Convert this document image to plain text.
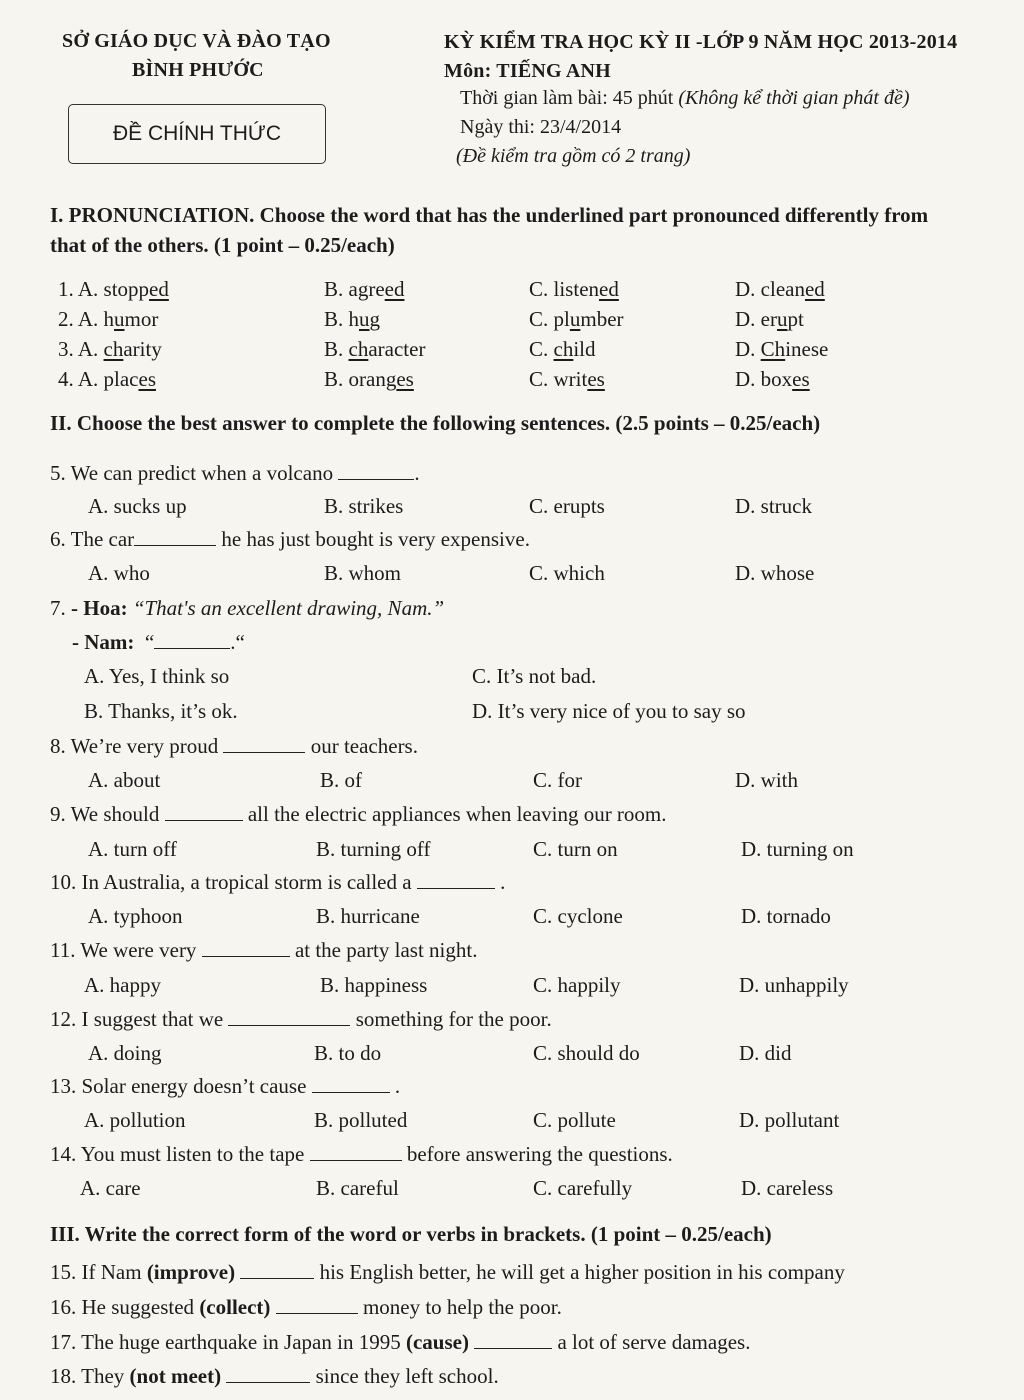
SỞ GIÁO DỤC VÀ ĐÀO TẠO
BÌNH PHƯỚC
ĐỀ CHÍNH THỨC
KỲ KIỂM TRA HỌC KỲ II -LỚP 9 NĂM HỌC 2013-2014
Môn: TIẾNG ANH
Thời gian làm bài: 45 phút (Không kể thời gian phát đề)
Ngày thi: 23/4/2014
(Đề kiểm tra gồm có 2 trang)
I. PRONUNCIATION. Choose the word that has the underlined part pronounced differently from
that of the others. (1 point – 0.25/each)
1. A. stopped	B. agreed	C. listened	D. cleaned
2. A. humor	B. hug	C. plumber	D. erupt
3. A. charity	B. character	C. child	D. Chinese
4. A. places	B. oranges	C. writes	D. boxes
II. Choose the best answer to complete the following sentences. (2.5 points – 0.25/each)
5. We can predict when a volcano	.
A. sucks up	B. strikes	C. erupts	D. struck
6. The car	he has just bought is very expensive.
A. who	B. whom	C. which	D. whose
7. - Hoa: “That's an excellent drawing, Nam.”
- Nam: “	.“
A. Yes, I think so	C. It’s not bad.
B. Thanks, it’s ok.	D. It’s very nice of you to say so
8. We’re very proud	our teachers.
A. about	B. of	C. for	D. with
9. We should	all the electric appliances when leaving our room.
A. turn off	B. turning off	C. turn on	D. turning on
10. In Australia, a tropical storm is called a	.
A. typhoon	B. hurricane	C. cyclone	D. tornado
11. We were very	at the party last night.
A. happy	B. happiness	C. happily	D. unhappily
12. I suggest that we	something for the poor.
A. doing	B. to do	C. should do	D. did
13. Solar energy doesn’t cause	.
A. pollution	B. polluted	C. pollute	D. pollutant
14. You must listen to the tape	before answering the questions.
A. care	B. careful	C. carefully	D. careless
III. Write the correct form of the word or verbs in brackets. (1 point – 0.25/each)
15. If Nam (improve)	his English better, he will get a higher position in his company
16. He suggested (collect)	money to help the poor.
17. The huge earthquake in Japan in 1995 (cause)	a lot of serve damages.
18. They (not meet)	since they left school.
